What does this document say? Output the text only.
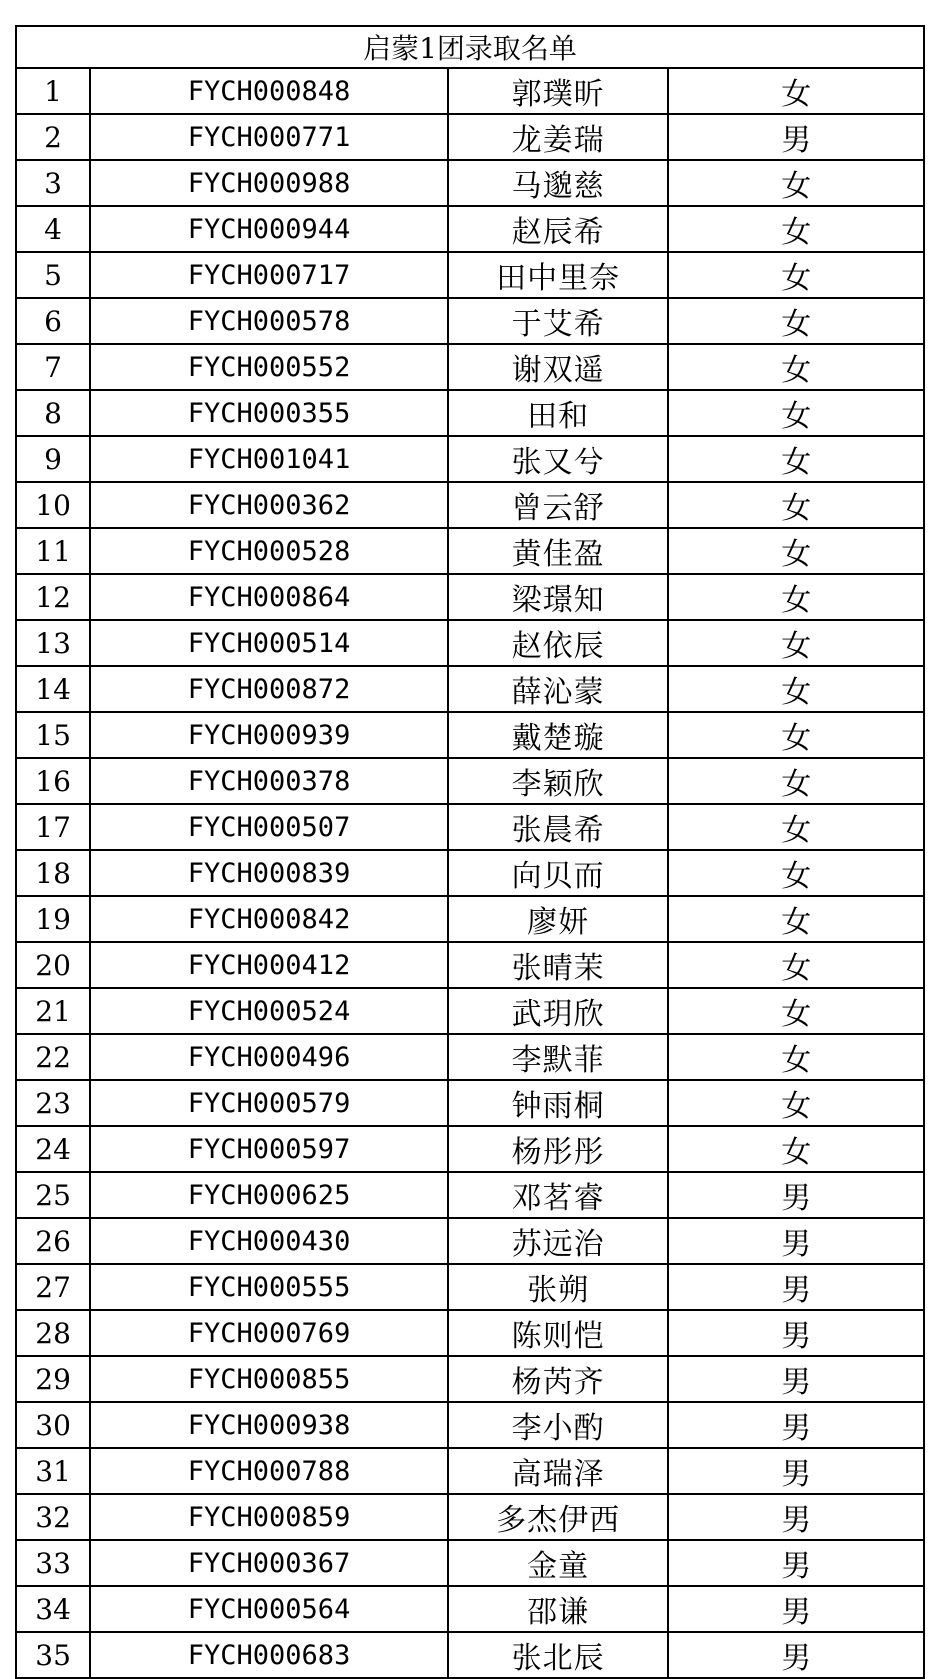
启蒙1团录取名单			
1	FYCH000848	郭璞昕	女
2	FYCH000771	龙姜瑞	男
3	FYCH000988	马邈慈	女
4	FYCH000944	赵辰希	女
5	FYCH000717	田中里奈	女
6	FYCH000578	于艾希	女
7	FYCH000552	谢双遥	女
8	FYCH000355	田和	女
9	FYCH001041	张又兮	女
10	FYCH000362	曾云舒	女
11	FYCH000528	黄佳盈	女
12	FYCH000864	梁璟知	女
13	FYCH000514	赵依辰	女
14	FYCH000872	薛沁蒙	女
15	FYCH000939	戴楚璇	女
16	FYCH000378	李颖欣	女
17	FYCH000507	张晨希	女
18	FYCH000839	向贝而	女
19	FYCH000842	廖妍	女
20	FYCH000412	张晴茉	女
21	FYCH000524	武玥欣	女
22	FYCH000496	李默菲	女
23	FYCH000579	钟雨桐	女
24	FYCH000597	杨彤彤	女
25	FYCH000625	邓茗睿	男
26	FYCH000430	苏远治	男
27	FYCH000555	张朔	男
28	FYCH000769	陈则恺	男
29	FYCH000855	杨芮齐	男
30	FYCH000938	李小酌	男
31	FYCH000788	高瑞泽	男
32	FYCH000859	多杰伊西	男
33	FYCH000367	金童	男
34	FYCH000564	邵谦	男
35	FYCH000683	张北辰	男
